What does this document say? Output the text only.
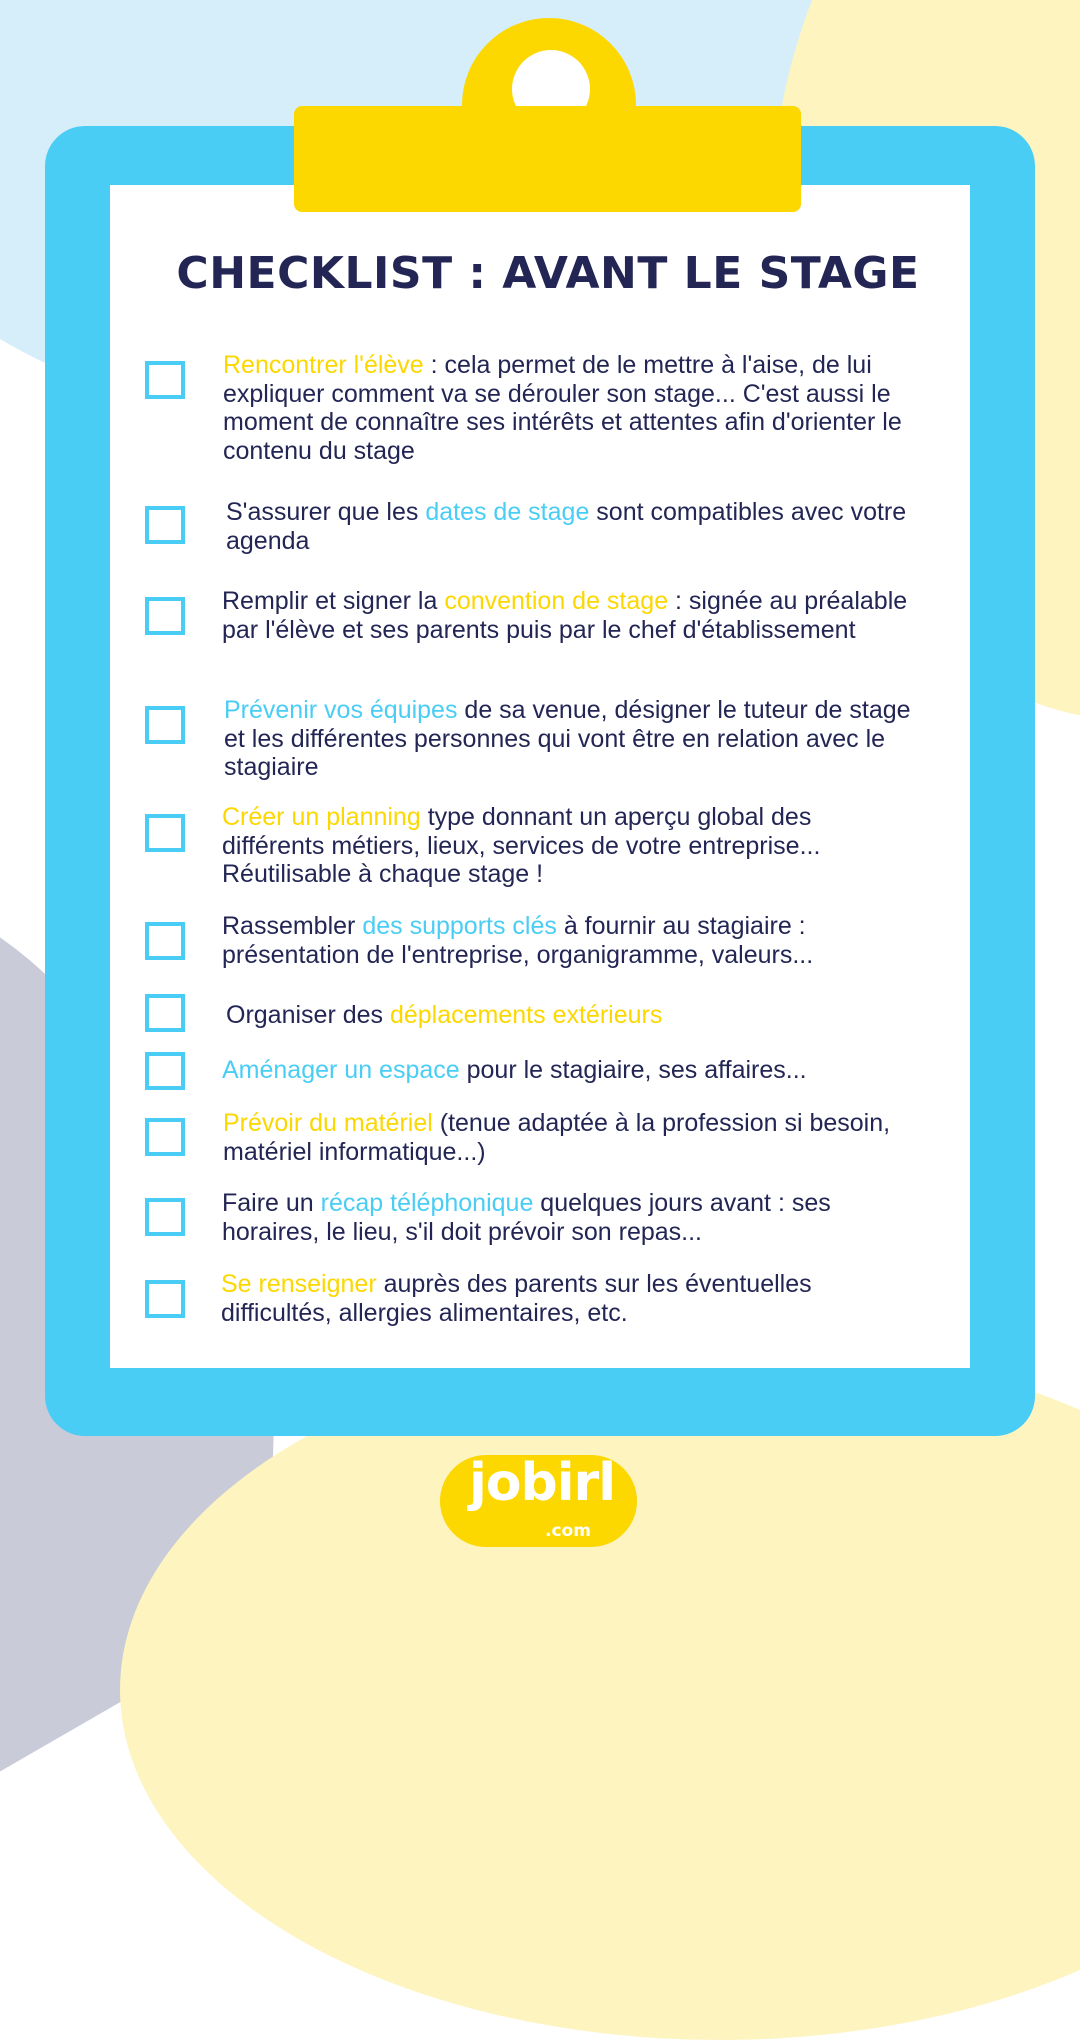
CHECKLIST : AVANT LE STAGE
Rencontrer l'élève : cela permet de le mettre à l'aise, de lui expliquer comment va se dérouler son stage... C'est aussi le moment de connaître ses intérêts et attentes afin d'orienter le contenu du stage
S'assurer que les dates de stage sont compatibles avec votre agenda
Remplir et signer la convention de stage : signée au préalable par l'élève et ses parents puis par le chef d'établissement
Prévenir vos équipes de sa venue, désigner le tuteur de stage et les différentes personnes qui vont être en relation avec le stagiaire
Créer un planning type donnant un aperçu global des différents métiers, lieux, services de votre entreprise... Réutilisable à chaque stage !
Rassembler des supports clés à fournir au stagiaire : présentation de l'entreprise, organigramme, valeurs...
Organiser des déplacements extérieurs
Aménager un espace pour le stagiaire, ses affaires...
Prévoir du matériel (tenue adaptée à la profession si besoin, matériel informatique...)
Faire un récap téléphonique quelques jours avant : ses horaires, le lieu, s'il doit prévoir son repas...
Se renseigner auprès des parents sur les éventuelles difficultés, allergies alimentaires, etc.
jobirl
.com
